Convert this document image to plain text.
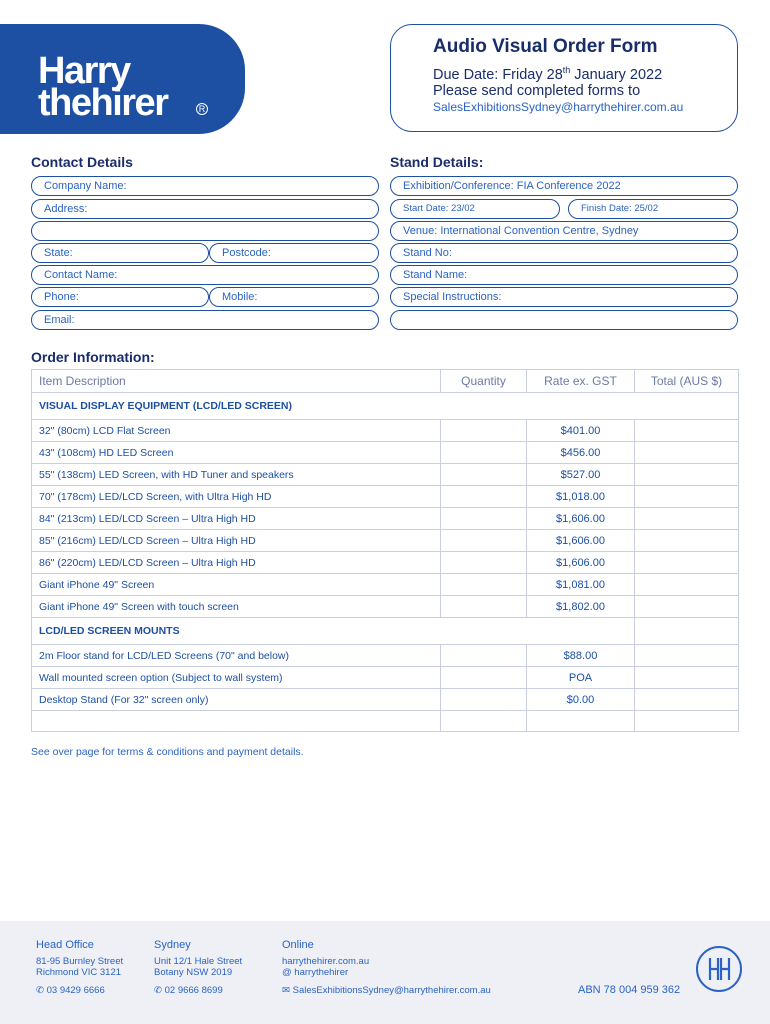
Harry
thehirer	R
Audio Visual Order Form
Due Date: Friday 28th January 2022
Please send completed forms to
SalesExhibitionsSydney@harrythehirer.com.au
Contact Details
Company Name:
Address:
State:	Postcode:
Contact Name:
Phone:	Mobile:
Email:
Stand Details:
Exhibition/Conference: FIA Conference 2022
Start Date: 23/02	Finish Date: 25/02
Venue: International Convention Centre, Sydney
Stand No:
Stand Name:
Special Instructions:
Order Information:
Item Description	Quantity	Rate ex. GST	Total (AUS $)
VISUAL DISPLAY EQUIPMENT (LCD/LED SCREEN)			
32" (80cm) LCD Flat Screen		$401.00	
43" (108cm) HD LED Screen		$456.00	
55" (138cm) LED Screen, with HD Tuner and speakers		$527.00	
70" (178cm) LED/LCD Screen, with Ultra High HD		$1,018.00	
84" (213cm) LED/LCD Screen – Ultra High HD		$1,606.00	
85" (216cm) LED/LCD Screen – Ultra High HD		$1,606.00	
86" (220cm) LED/LCD Screen – Ultra High HD		$1,606.00	
Giant iPhone 49" Screen		$1,081.00	
Giant iPhone 49" Screen with touch screen		$1,802.00	
LCD/LED SCREEN MOUNTS			
2m Floor stand for LCD/LED Screens (70" and below)		$88.00	
Wall mounted screen option (Subject to wall system)		POA	
Desktop Stand (For 32" screen only)		$0.00	

See over page for terms & conditions and payment details.
Head Office
81-95 Burnley Street
Richmond VIC 3121
✆ 03 9429 6666
Sydney
Unit 12/1 Hale Street
Botany NSW 2019
✆ 02 9666 8699
Online
harrythehirer.com.au
@ harrythehirer
✉ SalesExhibitionsSydney@harrythehirer.com.au	ABN 78 004 959 362
